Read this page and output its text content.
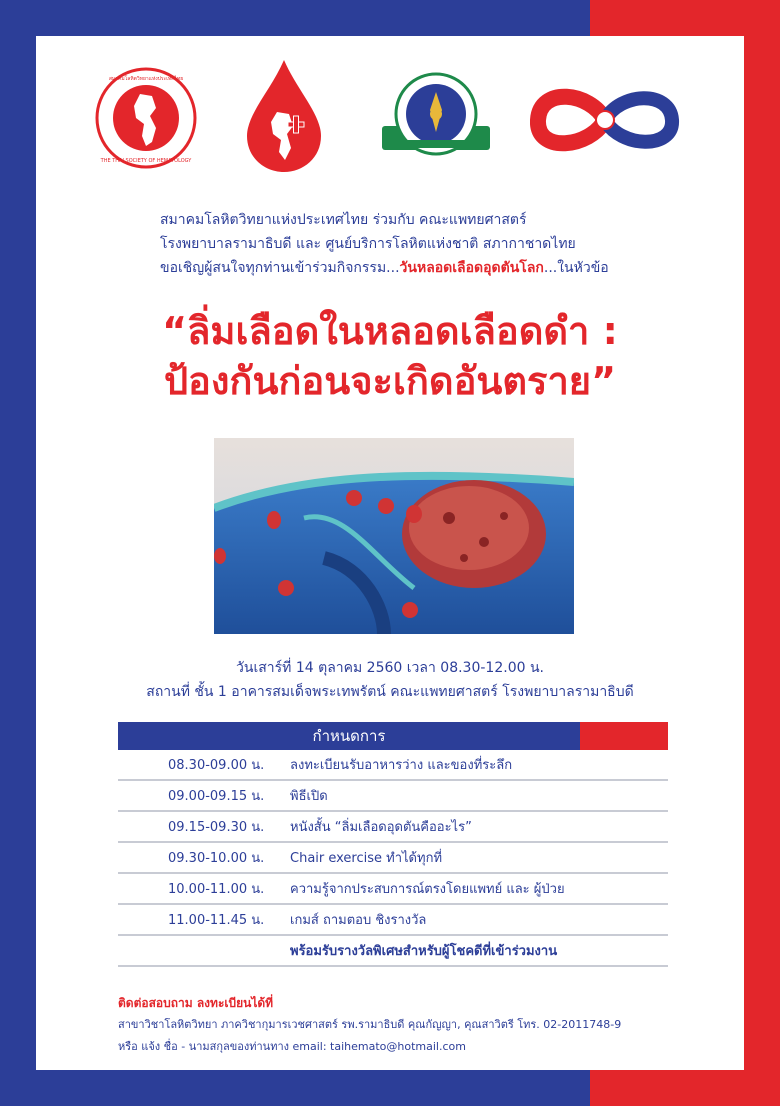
สมาคมโลหิตวิทยาแห่งประเทศไทย
THE THAI SOCIETY OF HEMATOLOGY
สมาคมโลหิตวิทยาแห่งประเทศไทย ร่วมกับ คณะแพทยศาสตร์
โรงพยาบาลรามาธิบดี และ ศูนย์บริการโลหิตแห่งชาติ สภากาชาดไทย
ขอเชิญผู้สนใจทุกท่านเข้าร่วมกิจกรรม...วันหลอดเลือดอุดตันโลก...ในหัวข้อ
“ลิ่มเลือดในหลอดเลือดดำ :
ป้องกันก่อนจะเกิดอันตราย”
วันเสาร์ที่ 14 ตุลาคม 2560 เวลา 08.30-12.00 น.
สถานที่ ชั้น 1 อาคารสมเด็จพระเทพรัตน์ คณะแพทยศาสตร์ โรงพยาบาลรามาธิบดี
กำหนดการ
08.30-09.00 น.	ลงทะเบียนรับอาหารว่าง และของที่ระลึก
09.00-09.15 น.	พิธีเปิด
09.15-09.30 น.	หนังสั้น “ลิ่มเลือดอุดตันคืออะไร”
09.30-10.00 น.	Chair exercise ทำได้ทุกที่
10.00-11.00 น.	ความรู้จากประสบการณ์ตรงโดยแพทย์ และ ผู้ป่วย
11.00-11.45 น.	เกมส์ ถามตอบ ชิงรางวัล
พร้อมรับรางวัลพิเศษสำหรับผู้โชคดีที่เข้าร่วมงาน
ติดต่อสอบถาม ลงทะเบียนได้ที่
สาขาวิชาโลหิตวิทยา ภาควิชากุมารเวชศาสตร์ รพ.รามาธิบดี คุณกัญญา, คุณสาวิตรี โทร. 02-2011748-9
หรือ แจ้ง ชื่อ - นามสกุลของท่านทาง email: taihemato@hotmail.com
